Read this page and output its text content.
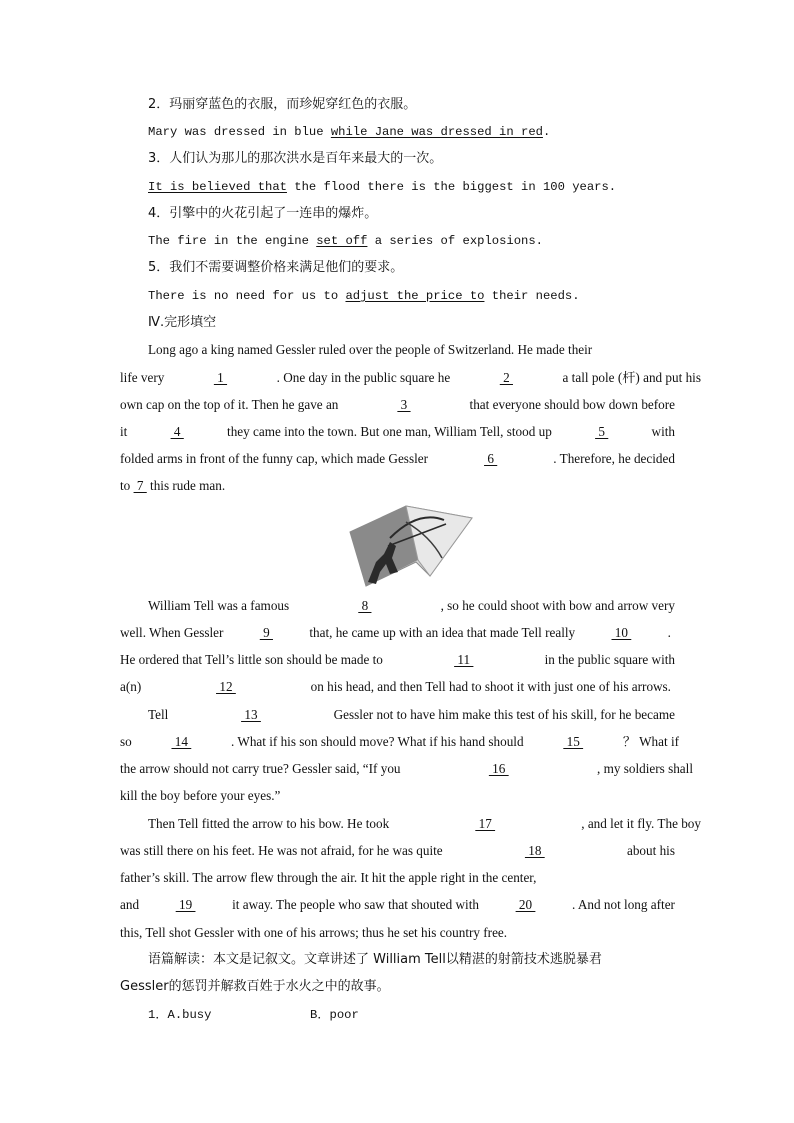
2．玛丽穿蓝色的衣服，而珍妮穿红色的衣服。
Mary was dressed in blue while Jane was dressed in red.
3．人们认为那儿的那次洪水是百年来最大的一次。
It is believed that the flood there is the biggest in 100 years.
4．引擎中的火花引起了一连串的爆炸。
The fire in the engine set off a series of explosions.
5．我们不需要调整价格来满足他们的要求。
There is no need for us to adjust the price to their needs.
Ⅳ.完形填空
Long ago a king named Gessler ruled over the people of Switzerland. He made their
life very	1	. One day in the public square he	2	a tall pole (杆) and put his
own cap on the top of it. Then he gave an	3	that everyone should bow down before
it	4	they came into the town. But one man, William Tell, stood up	5	with
folded arms in front of the funny cap, which made Gessler	6	. Therefore, he decided
to  7  this rude man.
William Tell was a famous	8	, so he could shoot with bow and arrow very
well. When Gessler	9	that, he came up with an idea that made Tell really	10	.
He ordered that Tell’s little son should be made to	11	in the public square with
a(n)	12	on his head, and then Tell had to shoot it with just one of his arrows.
Tell	13	Gessler not to have him make this test of his skill, for he became
so	14	. What if his son should move? What if his hand should	15	？ What if
the arrow should not carry true? Gessler said, “If you	16	, my soldiers shall
kill the boy before your eyes.”
Then Tell fitted the arrow to his bow. He took	17	, and let it fly. The boy
was still there on his feet. He was not afraid, for he was quite	18	about his
father’s skill. The arrow flew through the air. It hit the apple right in the center,
and	19	it away. The people who saw that shouted with	20	. And not long after
this, Tell shot Gessler with one of his arrows; thus he set his country free.
语篇解读：本文是记叙文。文章讲述了 William Tell以精湛的射箭技术逃脱暴君
Gessler的惩罚并解救百姓于水火之中的故事。
1．A.busy	B．poor
